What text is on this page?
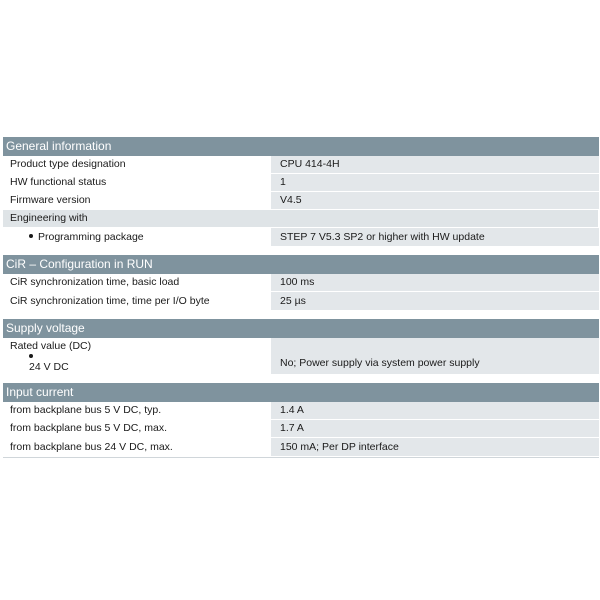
General information
Product type designation	CPU 414-4H
HW functional status	1
Firmware version	V4.5
Engineering with
Programming package	STEP 7 V5.3 SP2 or higher with HW update
CiR – Configuration in RUN
CiR synchronization time, basic load	100 ms
CiR synchronization time, time per I/O byte	25 µs
Supply voltage
Rated value (DC)
24 V DC	No; Power supply via system power supply
Input current
from backplane bus 5 V DC, typ.	1.4 A
from backplane bus 5 V DC, max.	1.7 A
from backplane bus 24 V DC, max.	150 mA; Per DP interface
